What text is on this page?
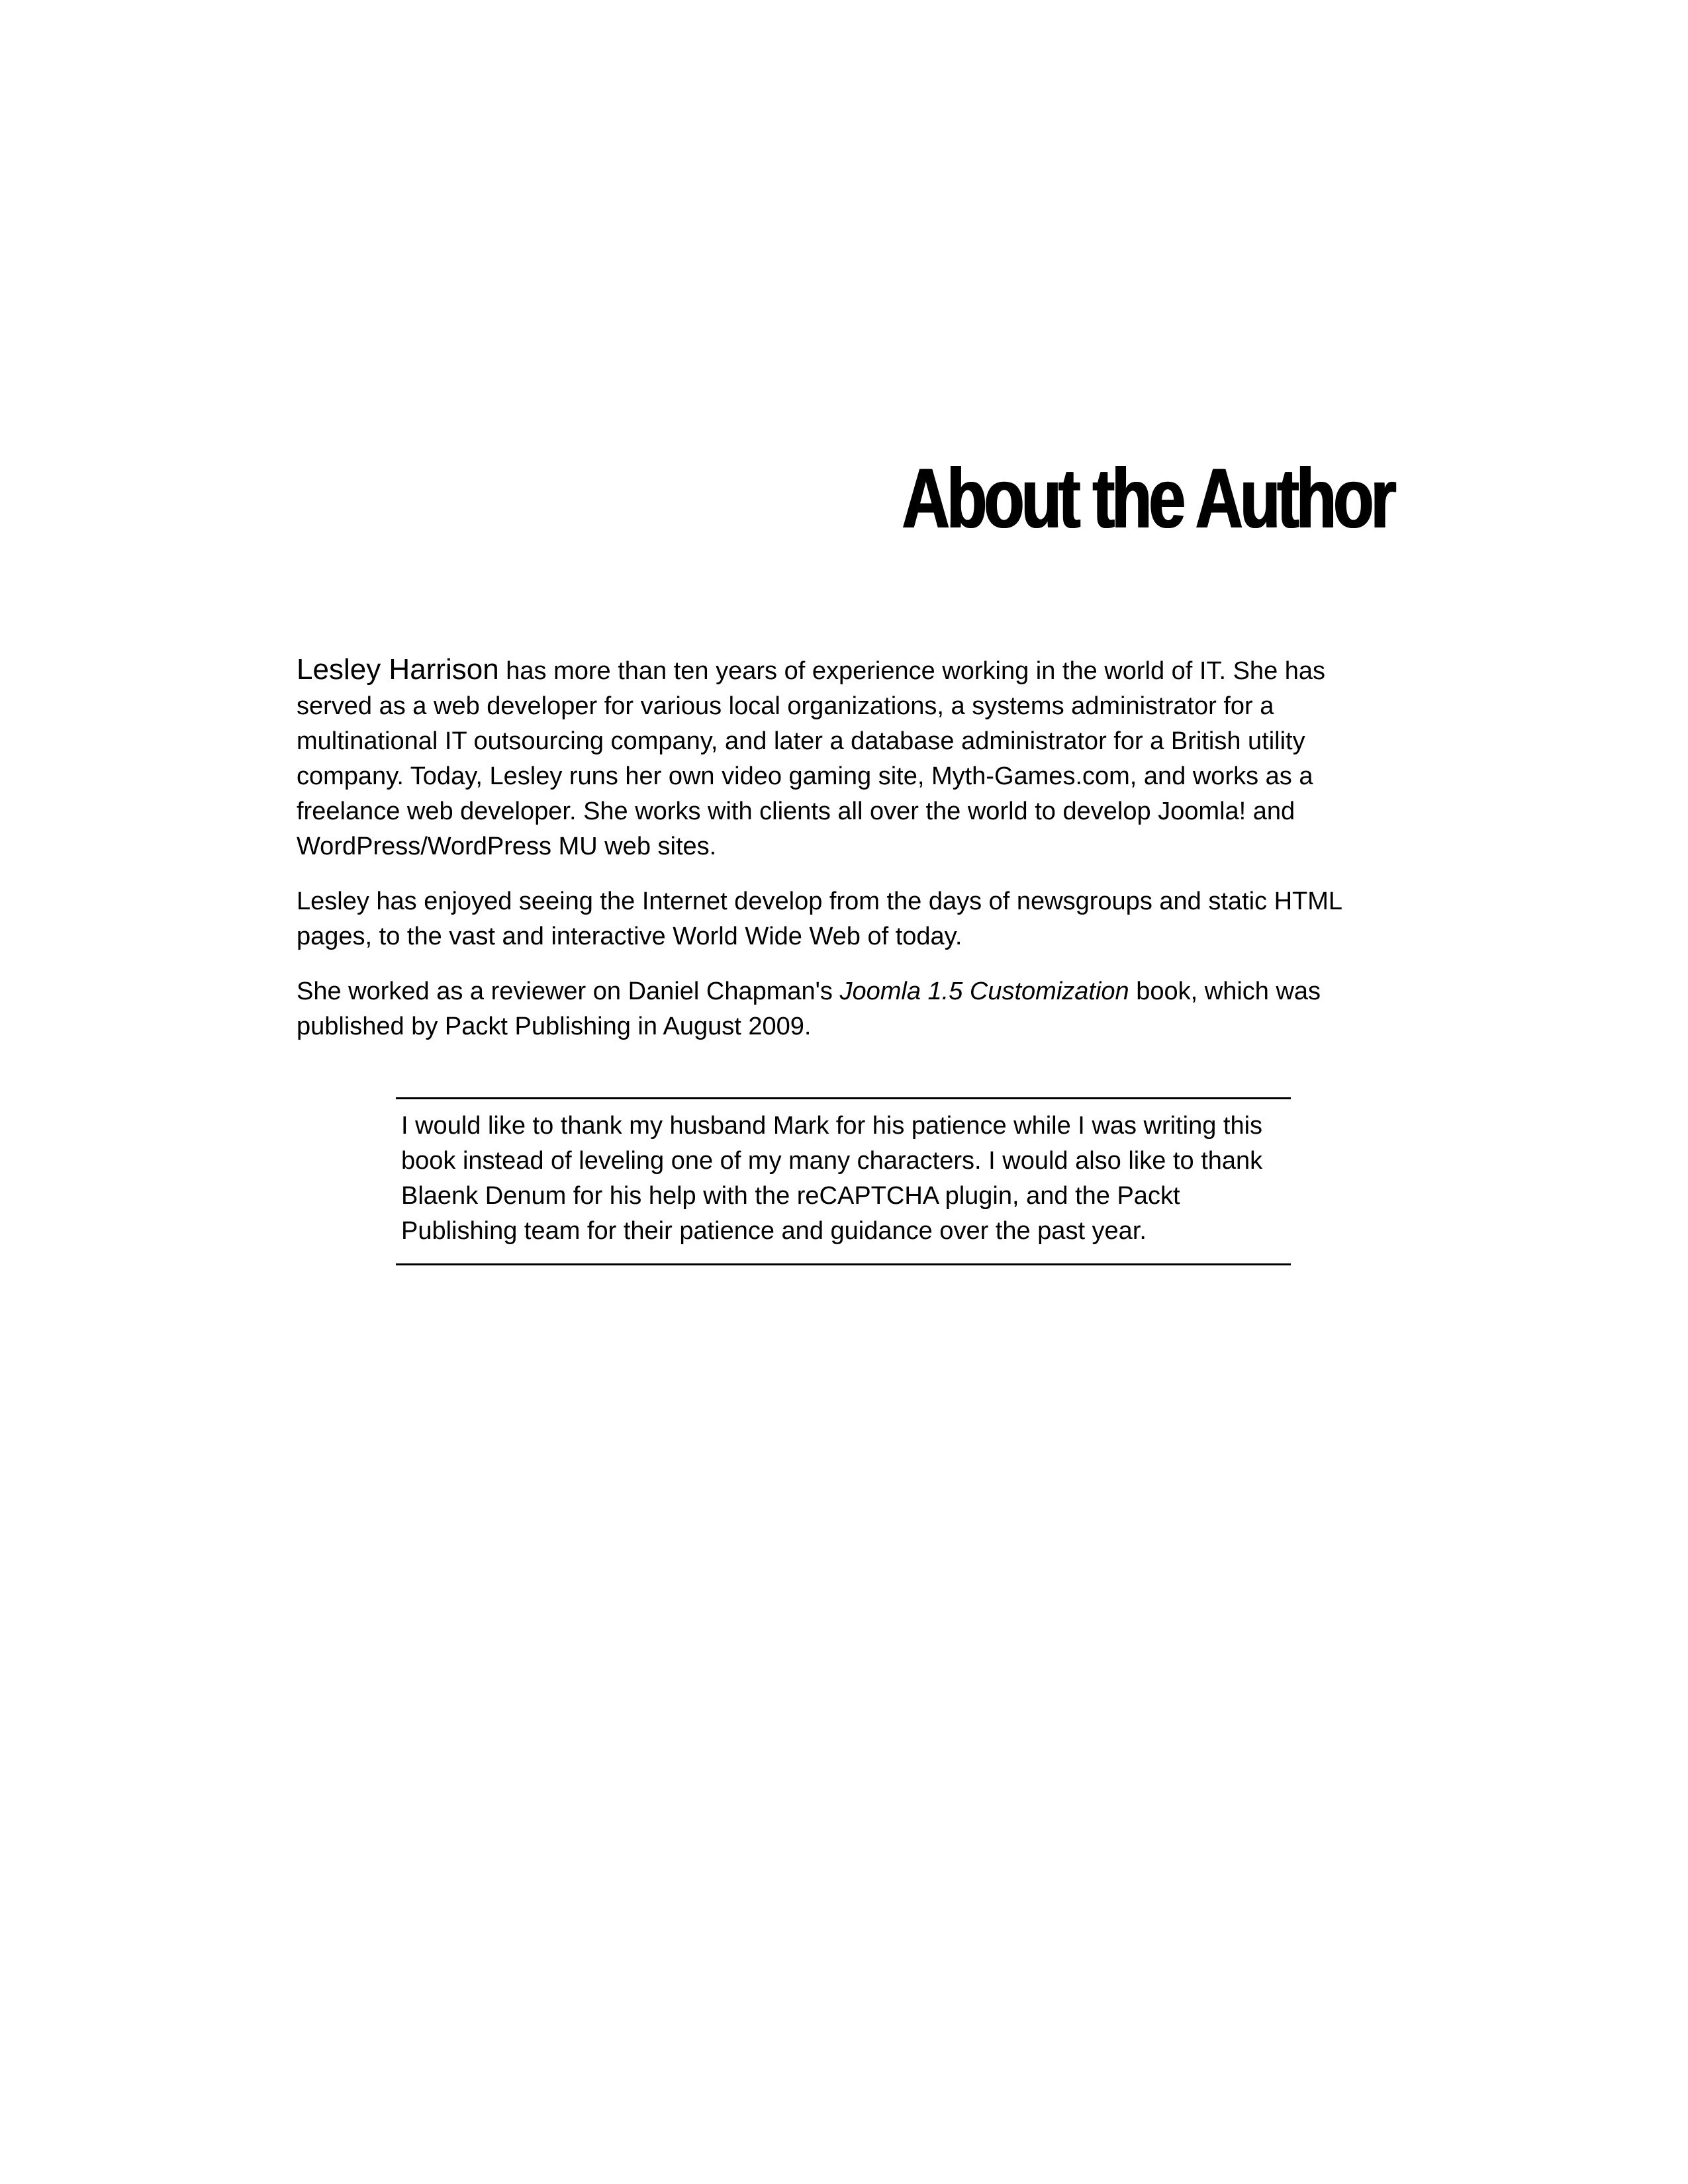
About the Author

Lesley Harrison has more than ten years of experience working in the world of IT. She has served as a web developer for various local organizations, a systems administrator for a multinational IT outsourcing company, and later a database administrator for a British utility company. Today, Lesley runs her own video gaming site, Myth-Games.com, and works as a freelance web developer. She works with clients all over the world to develop Joomla! and WordPress/WordPress MU web sites.

Lesley has enjoyed seeing the Internet develop from the days of newsgroups and static HTML pages, to the vast and interactive World Wide Web of today.

She worked as a reviewer on Daniel Chapman's Joomla 1.5 Customization book, which was published by Packt Publishing in August 2009.

I would like to thank my husband Mark for his patience while I was writing this book instead of leveling one of my many characters. I would also like to thank Blaenk Denum for his help with the reCAPTCHA plugin, and the Packt Publishing team for their patience and guidance over the past year.
